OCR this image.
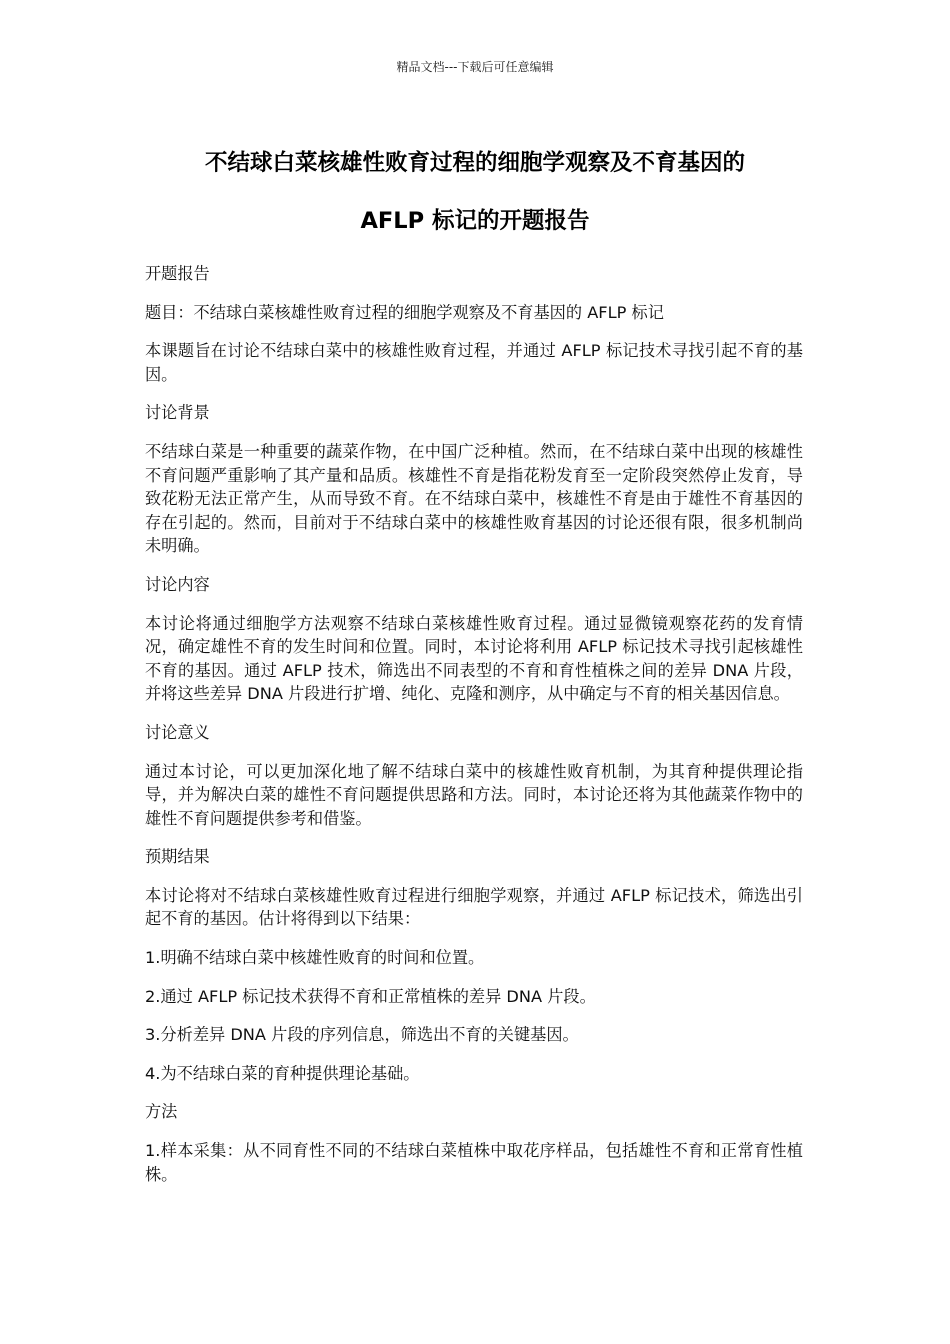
精品文档---下载后可任意编辑
不结球白菜核雄性败育过程的细胞学观察及不育基因的
AFLP 标记的开题报告

开题报告

题目：不结球白菜核雄性败育过程的细胞学观察及不育基因的 AFLP 标记

本课题旨在讨论不结球白菜中的核雄性败育过程，并通过 AFLP 标记技术寻找引起不育的基因。

讨论背景

不结球白菜是一种重要的蔬菜作物，在中国广泛种植。然而，在不结球白菜中出现的核雄性不育问题严重影响了其产量和品质。核雄性不育是指花粉发育至一定阶段突然停止发育，导致花粉无法正常产生，从而导致不育。在不结球白菜中，核雄性不育是由于雄性不育基因的存在引起的。然而，目前对于不结球白菜中的核雄性败育基因的讨论还很有限，很多机制尚未明确。

讨论内容

本讨论将通过细胞学方法观察不结球白菜核雄性败育过程。通过显微镜观察花药的发育情况，确定雄性不育的发生时间和位置。同时，本讨论将利用 AFLP 标记技术寻找引起核雄性不育的基因。通过 AFLP 技术，筛选出不同表型的不育和育性植株之间的差异 DNA 片段，并将这些差异 DNA 片段进行扩增、纯化、克隆和测序，从中确定与不育的相关基因信息。

讨论意义

通过本讨论，可以更加深化地了解不结球白菜中的核雄性败育机制，为其育种提供理论指导，并为解决白菜的雄性不育问题提供思路和方法。同时，本讨论还将为其他蔬菜作物中的雄性不育问题提供参考和借鉴。

预期结果

本讨论将对不结球白菜核雄性败育过程进行细胞学观察，并通过 AFLP 标记技术，筛选出引起不育的基因。估计将得到以下结果：

1.明确不结球白菜中核雄性败育的时间和位置。

2.通过 AFLP 标记技术获得不育和正常植株的差异 DNA 片段。

3.分析差异 DNA 片段的序列信息，筛选出不育的关键基因。

4.为不结球白菜的育种提供理论基础。

方法

1.样本采集：从不同育性不同的不结球白菜植株中取花序样品，包括雄性不育和正常育性植株。
